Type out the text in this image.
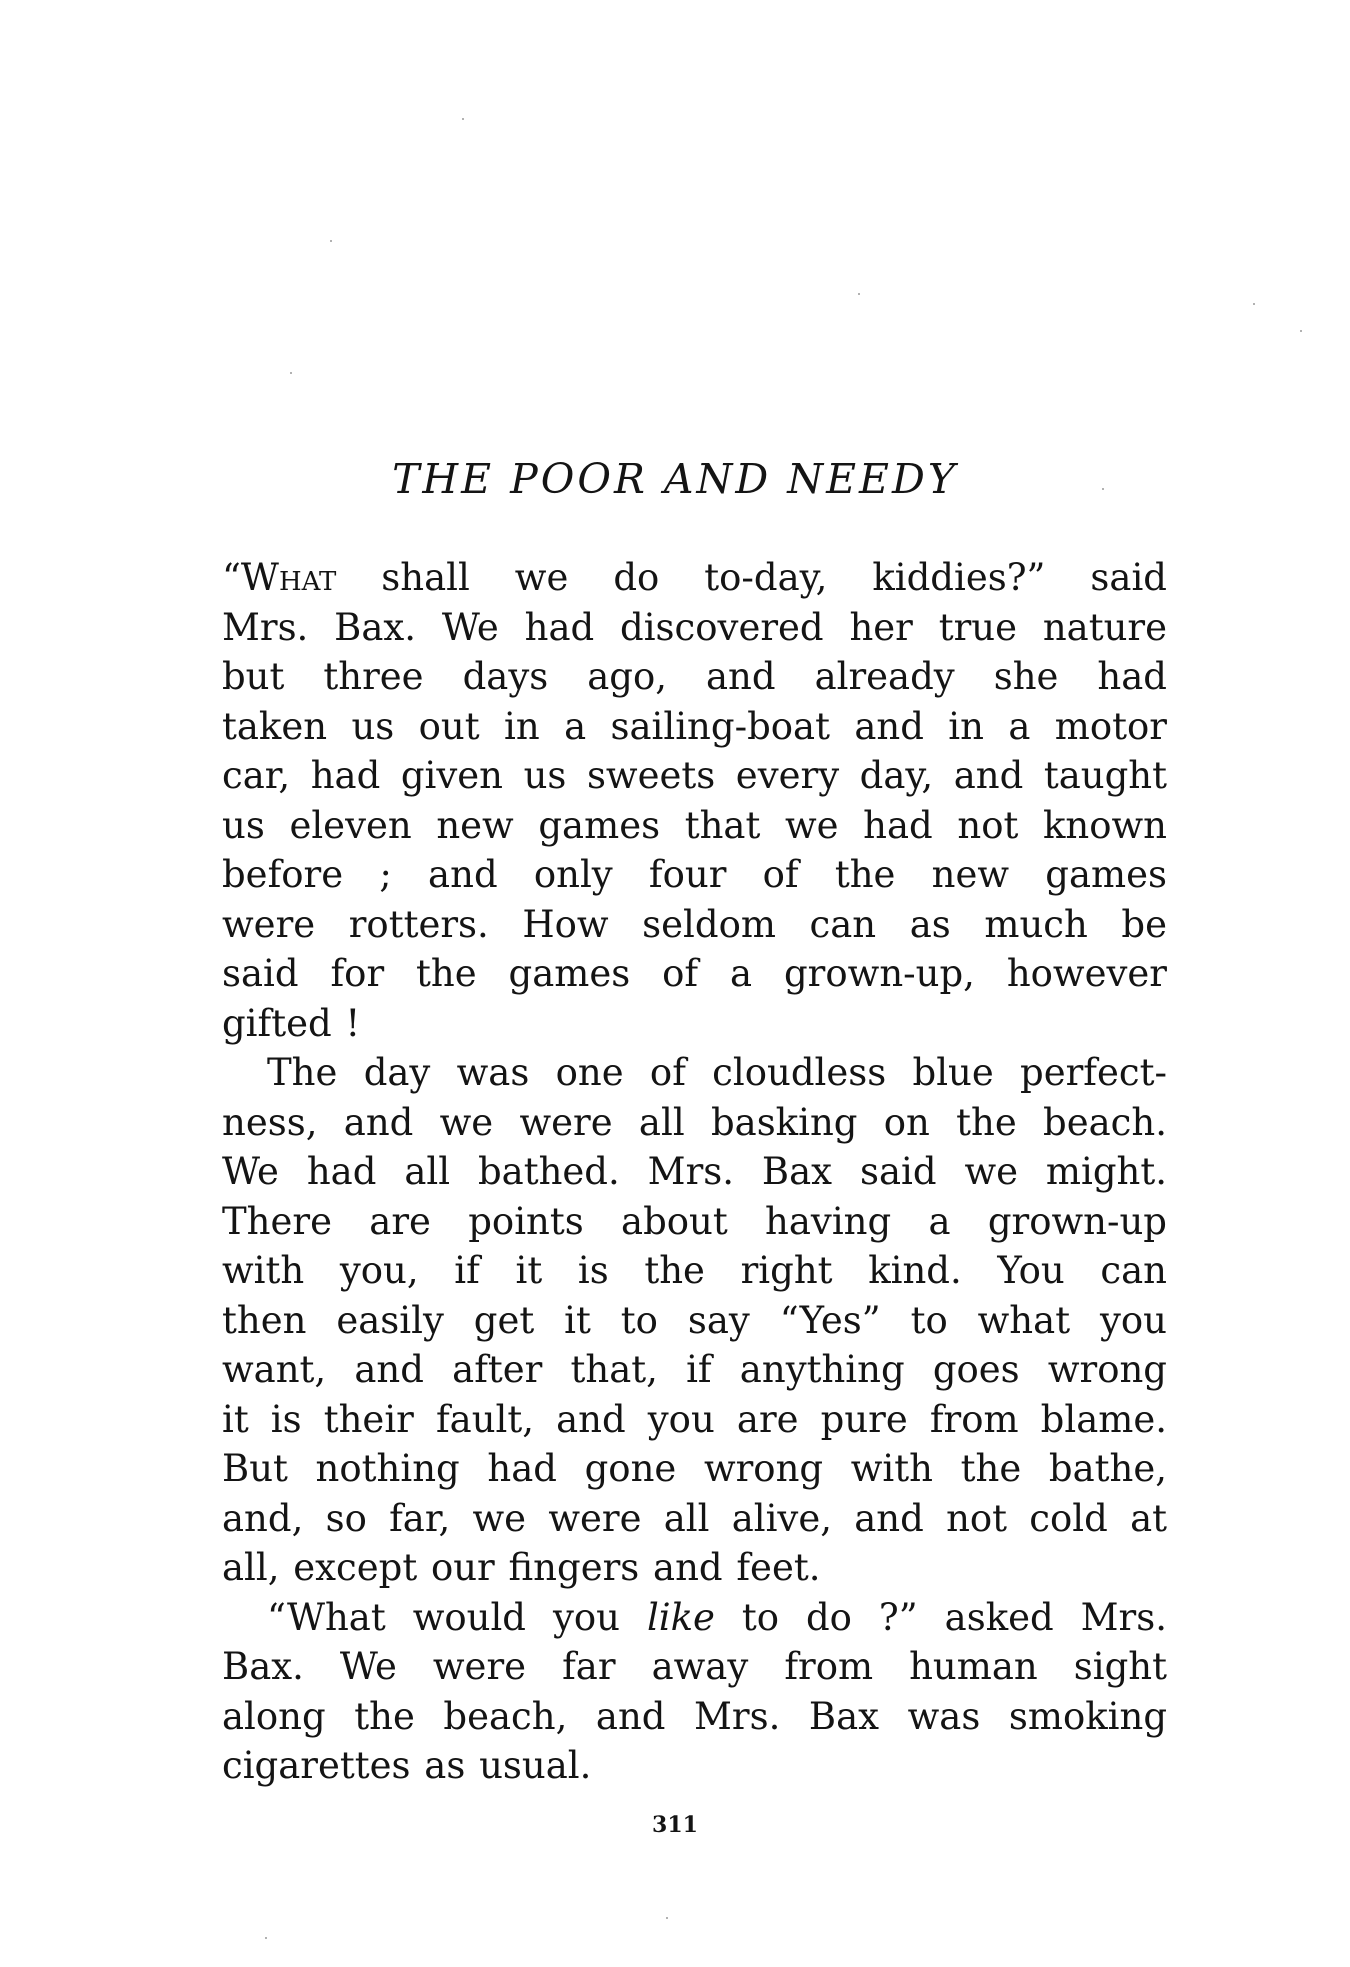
THE POOR AND NEEDY
“What shall we do to-day, kiddies?” said
Mrs. Bax. We had discovered her true nature
but three days ago, and already she had
taken us out in a sailing-boat and in a motor
car, had given us sweets every day, and taught
us eleven new games that we had not known
before ; and only four of the new games
were rotters. How seldom can as much be
said for the games of a grown-up, however
gifted !
The day was one of cloudless blue perfect-
ness, and we were all basking on the beach.
We had all bathed. Mrs. Bax said we might.
There are points about having a grown-up
with you, if it is the right kind. You can
then easily get it to say “Yes” to what you
want, and after that, if anything goes wrong
it is their fault, and you are pure from blame.
But nothing had gone wrong with the bathe,
and, so far, we were all alive, and not cold at
all, except our fingers and feet.
“What would you like to do ?” asked Mrs.
Bax. We were far away from human sight
along the beach, and Mrs. Bax was smoking
cigarettes as usual.
311
